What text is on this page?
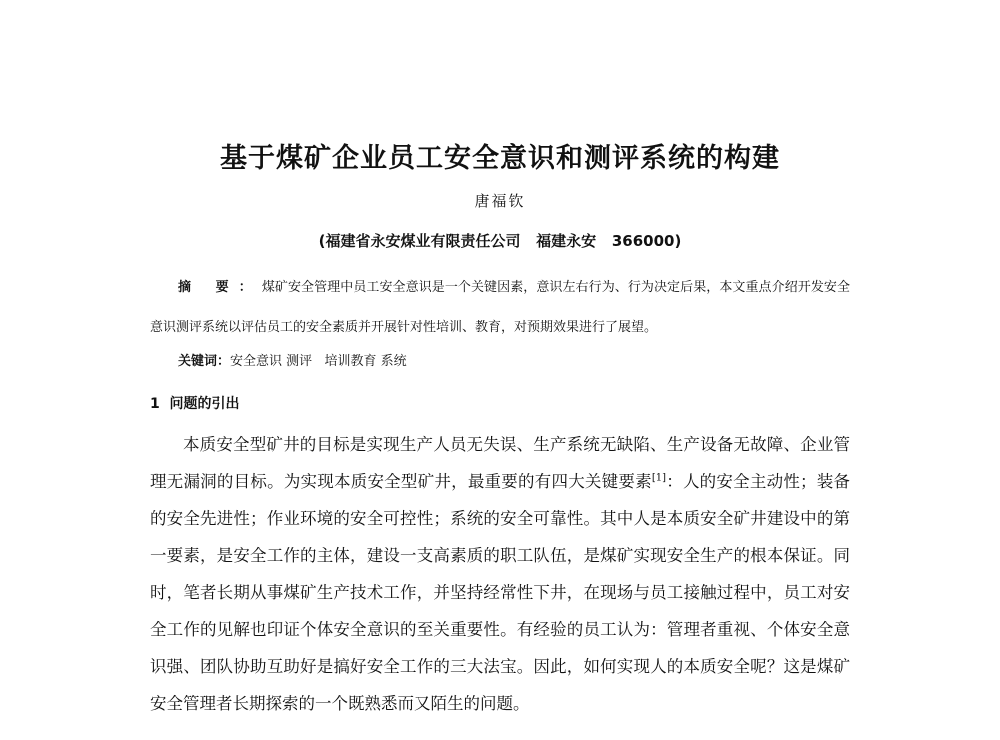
基于煤矿企业员工安全意识和测评系统的构建
唐福钦
(福建省永安煤业有限责任公司   福建永安   366000)
摘 要：煤矿安全管理中员工安全意识是一个关键因素，意识左右行为、行为决定后果，本文重点介绍开发安全意识测评系统以评估员工的安全素质并开展针对性培训、教育，对预期效果进行了展望。
关键词：安全意识 测评   培训教育 系统
1  问题的引出
本质安全型矿井的目标是实现生产人员无失误、生产系统无缺陷、生产设备无故障、企业管理无漏洞的目标。为实现本质安全型矿井，最重要的有四大关键要素[1]：人的安全主动性；装备的安全先进性；作业环境的安全可控性；系统的安全可靠性。其中人是本质安全矿井建设中的第一要素，是安全工作的主体，建设一支高素质的职工队伍，是煤矿实现安全生产的根本保证。同时，笔者长期从事煤矿生产技术工作，并坚持经常性下井，在现场与员工接触过程中，员工对安全工作的见解也印证个体安全意识的至关重要性。有经验的员工认为：管理者重视、个体安全意识强、团队协助互助好是搞好安全工作的三大法宝。因此，如何实现人的本质安全呢？这是煤矿安全管理者长期探索的一个既熟悉而又陌生的问题。
